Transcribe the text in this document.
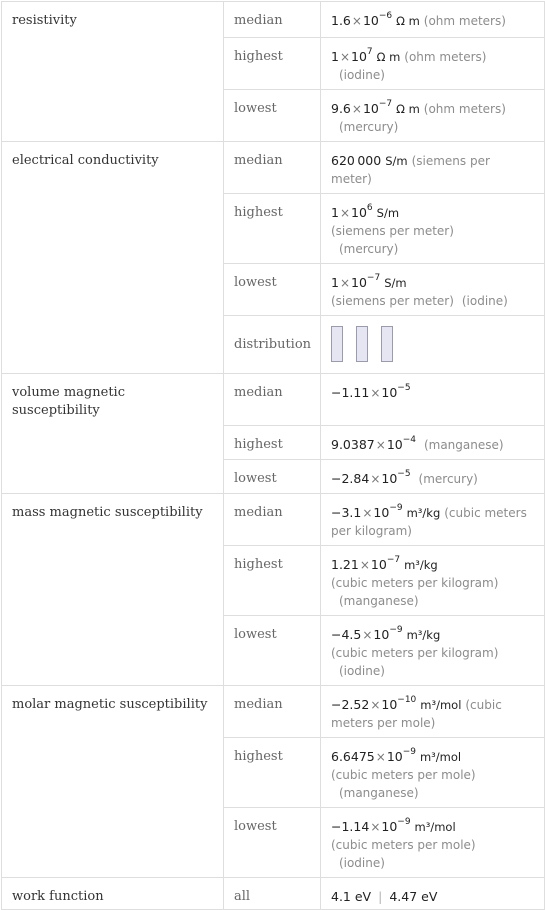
resistivity	median	$1.6\times 10^{-6}$ Ω m (ohm meters)
	highest	$1\times 10^7$ Ω m (ohm meters)
(iodine)
	lowest	$9.6\times 10^{-7}$ Ω m (ohm meters)
(mercury)
electrical conductivity	median	620 000 S/m (siemens per meter)
	highest	$1\times 10^6$ S/m
(siemens per meter)
(mercury)
	lowest	$1\times 10^{-7}$ S/m
(siemens per meter) (iodine)
	distribution	

volume magnetic susceptibility	median	$-1.11\times 10^{-5}$
	highest	$9.0387\times 10^{-4}$ (manganese)
	lowest	$-2.84\times 10^{-5}$ (mercury)
mass magnetic susceptibility	median	$-3.1\times 10^{-9}$ m³/kg (cubic meters per kilogram)
	highest	$1.21\times 10^{-7}$ m³/kg
(cubic meters per kilogram)
(manganese)
	lowest	$-4.5\times 10^{-9}$ m³/kg
(cubic meters per kilogram)
(iodine)
molar magnetic susceptibility	median	$-2.52\times 10^{-10}$ m³/mol (cubic meters per mole)
	highest	$6.6475\times 10^{-9}$ m³/mol
(cubic meters per mole)
(manganese)
	lowest	$-1.14\times 10^{-9}$ m³/mol
(cubic meters per mole)
(iodine)
work function	all	4.1 eV | 4.47 eV
